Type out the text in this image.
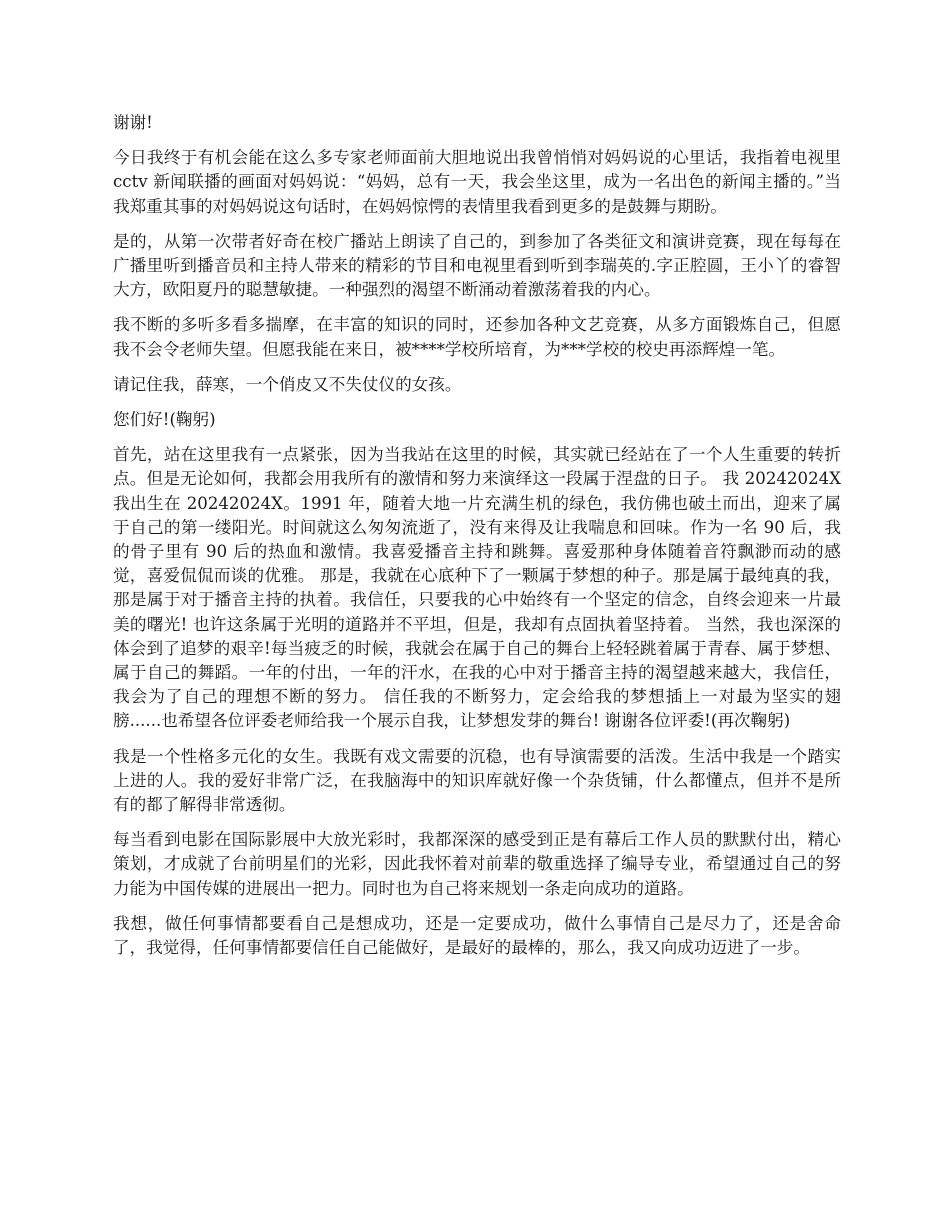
谢谢!

今日我终于有机会能在这么多专家老师面前大胆地说出我曾悄悄对妈妈说的心里话，我指着电视里 cctv 新闻联播的画面对妈妈说：“妈妈，总有一天，我会坐这里，成为一名出色的新闻主播的。”当我郑重其事的对妈妈说这句话时，在妈妈惊愕的表情里我看到更多的是鼓舞与期盼。

是的，从第一次带者好奇在校广播站上朗读了自己的，到参加了各类征文和演讲竞赛，现在每每在广播里听到播音员和主持人带来的精彩的节目和电视里看到听到李瑞英的.字正腔圆，王小丫的睿智大方，欧阳夏丹的聪慧敏捷。一种强烈的渴望不断涌动着激荡着我的内心。

我不断的多听多看多揣摩，在丰富的知识的同时，还参加各种文艺竞赛，从多方面锻炼自己，但愿我不会令老师失望。但愿我能在来日，被****学校所培育，为***学校的校史再添辉煌一笔。

请记住我，薛寒，一个俏皮又不失仗仪的女孩。

您们好!(鞠躬)

首先，站在这里我有一点紧张，因为当我站在这里的时候，其实就已经站在了一个人生重要的转折点。但是无论如何，我都会用我所有的激情和努力来演绎这一段属于涅盘的日子。 我 20242024X 我出生在 20242024X。1991 年，随着大地一片充满生机的绿色，我仿佛也破土而出，迎来了属于自己的第一缕阳光。时间就这么匆匆流逝了，没有来得及让我喘息和回味。作为一名 90 后，我的骨子里有 90 后的热血和激情。我喜爱播音主持和跳舞。喜爱那种身体随着音符飘渺而动的感觉，喜爱侃侃而谈的优雅。 那是，我就在心底种下了一颗属于梦想的种子。那是属于最纯真的我，那是属于对于播音主持的执着。我信任，只要我的心中始终有一个坚定的信念，自终会迎来一片最美的曙光! 也许这条属于光明的道路并不平坦，但是，我却有点固执着坚持着。 当然，我也深深的体会到了追梦的艰辛!每当疲乏的时候，我就会在属于自己的舞台上轻轻跳着属于青春、属于梦想、属于自己的舞蹈。一年的付出，一年的汗水，在我的心中对于播音主持的渴望越来越大，我信任，我会为了自己的理想不断的努力。 信任我的不断努力，定会给我的梦想插上一对最为坚实的翅膀......也希望各位评委老师给我一个展示自我，让梦想发芽的舞台! 谢谢各位评委!(再次鞠躬)

我是一个性格多元化的女生。我既有戏文需要的沉稳，也有导演需要的活泼。生活中我是一个踏实上进的人。我的爱好非常广泛，在我脑海中的知识库就好像一个杂货铺，什么都懂点，但并不是所有的都了解得非常透彻。

每当看到电影在国际影展中大放光彩时，我都深深的感受到正是有幕后工作人员的默默付出，精心策划，才成就了台前明星们的光彩，因此我怀着对前辈的敬重选择了编导专业，希望通过自己的努力能为中国传媒的进展出一把力。同时也为自己将来规划一条走向成功的道路。

我想，做任何事情都要看自己是想成功，还是一定要成功，做什么事情自己是尽力了，还是舍命了，我觉得，任何事情都要信任自己能做好，是最好的最棒的，那么，我又向成功迈进了一步。
